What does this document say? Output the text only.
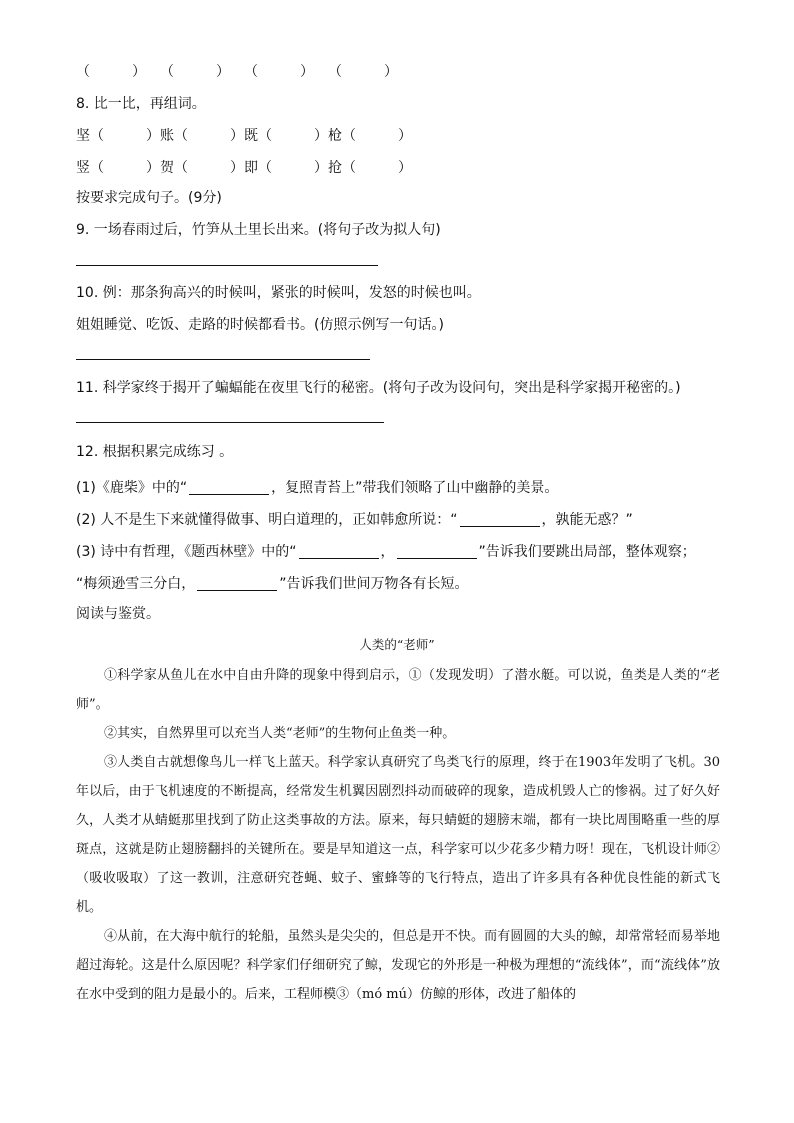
（　　　）　　（　　　）　　（　　　）　　（　　　）
8. 比一比，再组词。
坚（　　　）账（　　　）既（　　　）枪（　　　）
竖（　　　）贺（　　　）即（　　　）抢（　　　）
按要求完成句子。(9分)
9. 一场春雨过后，竹笋从土里长出来。(将句子改为拟人句)
10. 例：那条狗高兴的时候叫，紧张的时候叫，发怒的时候也叫。
姐姐睡觉、吃饭、走路的时候都看书。(仿照示例写一句话。)
11. 科学家终于揭开了蝙蝠能在夜里飞行的秘密。(将句子改为设问句，突出是科学家揭开秘密的。)
12. 根据积累完成练习 。
(1)《鹿柴》中的“	，复照青苔上”带我们领略了山中幽静的美景。
(2) 人不是生下来就懂得做事、明白道理的，正如韩愈所说：“	，孰能无惑？”
(3) 诗中有哲理，《题西林壁》中的“	，	”告诉我们要跳出局部，整体观察；
“梅须逊雪三分白，	”告诉我们世间万物各有长短。
阅读与鉴赏。
人类的“老师”

①科学家从鱼儿在水中自由升降的现象中得到启示，①（发现发明）了潜水艇。可以说，鱼类是人类的“老师”。

②其实，自然界里可以充当人类“老师”的生物何止鱼类一种。

③人类自古就想像鸟儿一样飞上蓝天。科学家认真研究了鸟类飞行的原理，终于在1903年发明了飞机。30年以后，由于飞机速度的不断提高，经常发生机翼因剧烈抖动而破碎的现象，造成机毁人亡的惨祸。过了好久好久，人类才从蜻蜓那里找到了防止这类事故的方法。原来，每只蜻蜓的翅膀末端，都有一块比周围略重一些的厚斑点，这就是防止翅膀翻抖的关键所在。要是早知道这一点，科学家可以少花多少精力呀！现在，飞机设计师②（吸收吸取）了这一教训，注意研究苍蝇、蚊子、蜜蜂等的飞行特点，造出了许多具有各种优良性能的新式飞机。

④从前，在大海中航行的轮船，虽然头是尖尖的，但总是开不快。而有圆圆的大头的鲸，却常常轻而易举地超过海轮。这是什么原因呢？科学家们仔细研究了鲸，发现它的外形是一种极为理想的“流线体”，而“流线体”放在水中受到的阻力是最小的。后来，工程师模③（mó mú）仿鲸的形体，改进了船体的
